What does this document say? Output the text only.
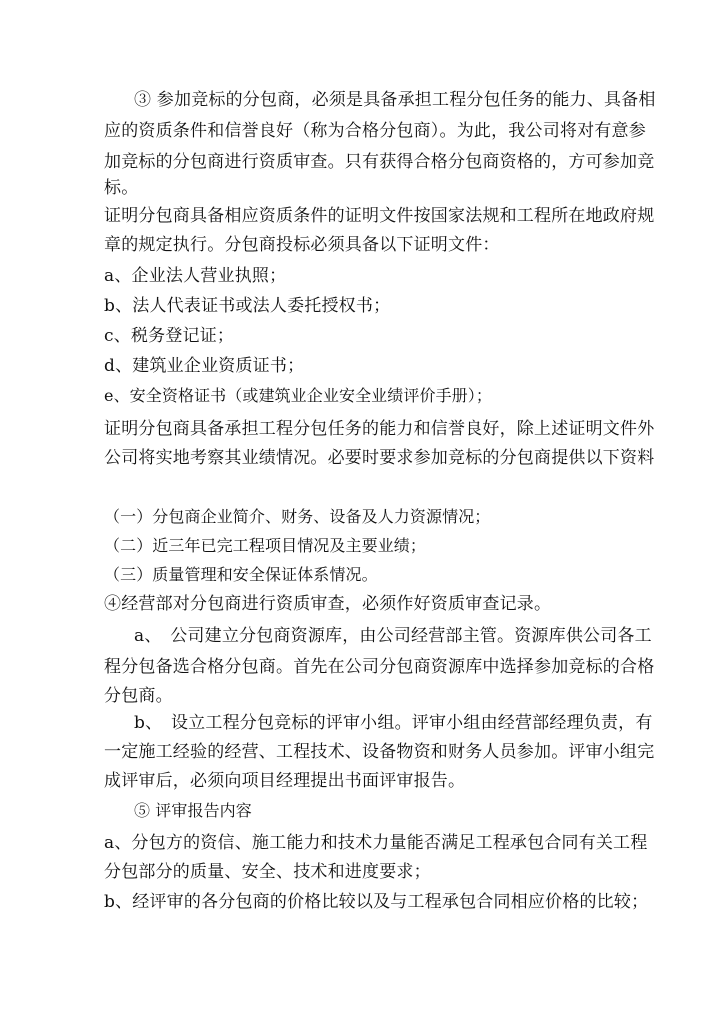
③ 参加竞标的分包商，必须是具备承担工程分包任务的能力、具备相
应的资质条件和信誉良好（称为合格分包商）。为此，我公司将对有意参
加竞标的分包商进行资质审查。只有获得合格分包商资格的，方可参加竞
标。
证明分包商具备相应资质条件的证明文件按国家法规和工程所在地政府规
章的规定执行。分包商投标必须具备以下证明文件：
a、企业法人营业执照；
b、法人代表证书或法人委托授权书；
c、税务登记证；
d、建筑业企业资质证书；
e、安全资格证书（或建筑业企业安全业绩评价手册）；
证明分包商具备承担工程分包任务的能力和信誉良好，除上述证明文件外
公司将实地考察其业绩情况。必要时要求参加竞标的分包商提供以下资料
（一）分包商企业简介、财务、设备及人力资源情况；
（二）近三年已完工程项目情况及主要业绩；
（三）质量管理和安全保证体系情况。
④经营部对分包商进行资质审查，必须作好资质审查记录。
a、　公司建立分包商资源库，由公司经营部主管。资源库供公司各工
程分包备选合格分包商。首先在公司分包商资源库中选择参加竞标的合格
分包商。
b、　设立工程分包竞标的评审小组。评审小组由经营部经理负责，有
一定施工经验的经营、工程技术、设备物资和财务人员参加。评审小组完
成评审后，必须向项目经理提出书面评审报告。
⑤ 评审报告内容
a、分包方的资信、施工能力和技术力量能否满足工程承包合同有关工程
分包部分的质量、安全、技术和进度要求；
b、经评审的各分包商的价格比较以及与工程承包合同相应价格的比较；
